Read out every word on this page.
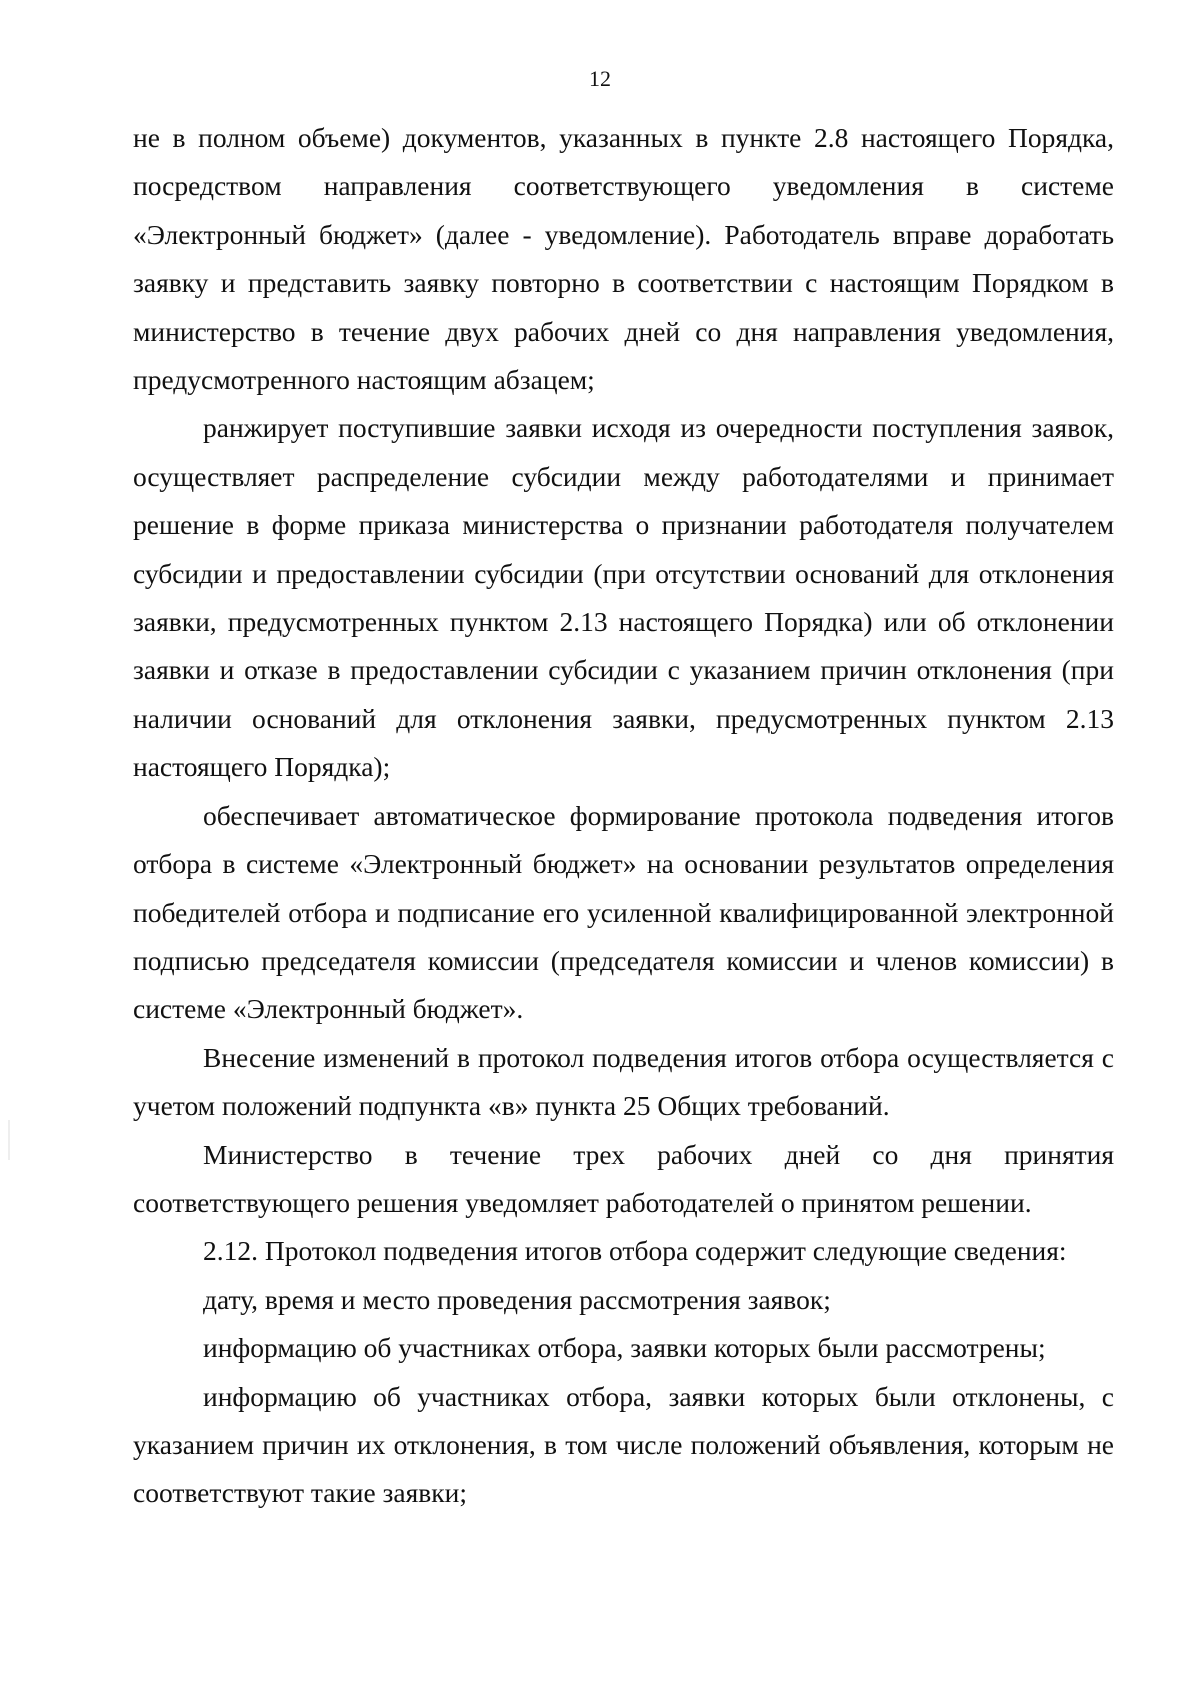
12

не в полном объеме) документов, указанных в пункте 2.8 настоящего Порядка, посредством направления соответствующего уведомления в системе «Электронный бюджет» (далее - уведомление). Работодатель вправе доработать заявку и представить заявку повторно в соответствии с настоящим Порядком в министерство в течение двух рабочих дней со дня направления уведомления, предусмотренного настоящим абзацем;

ранжирует поступившие заявки исходя из очередности поступления заявок, осуществляет распределение субсидии между работодателями и принимает решение в форме приказа министерства о признании работодателя получателем субсидии и предоставлении субсидии (при отсутствии оснований для отклонения заявки, предусмотренных пунктом 2.13 настоящего Порядка) или об отклонении заявки и отказе в предоставлении субсидии с указанием причин отклонения (при наличии оснований для отклонения заявки, предусмотренных пунктом 2.13 настоящего Порядка);

обеспечивает автоматическое формирование протокола подведения итогов отбора в системе «Электронный бюджет» на основании результатов определения победителей отбора и подписание его усиленной квалифицированной электронной подписью председателя комиссии (председателя комиссии и членов комиссии) в системе «Электронный бюджет».

Внесение изменений в протокол подведения итогов отбора осуществляется с учетом положений подпункта «в» пункта 25 Общих требований.

Министерство в течение трех рабочих дней со дня принятия соответствующего решения уведомляет работодателей о принятом решении.

2.12. Протокол подведения итогов отбора содержит следующие сведения:

дату, время и место проведения рассмотрения заявок;

информацию об участниках отбора, заявки которых были рассмотрены;

информацию об участниках отбора, заявки которых были отклонены, с указанием причин их отклонения, в том числе положений объявления, которым не соответствуют такие заявки;
